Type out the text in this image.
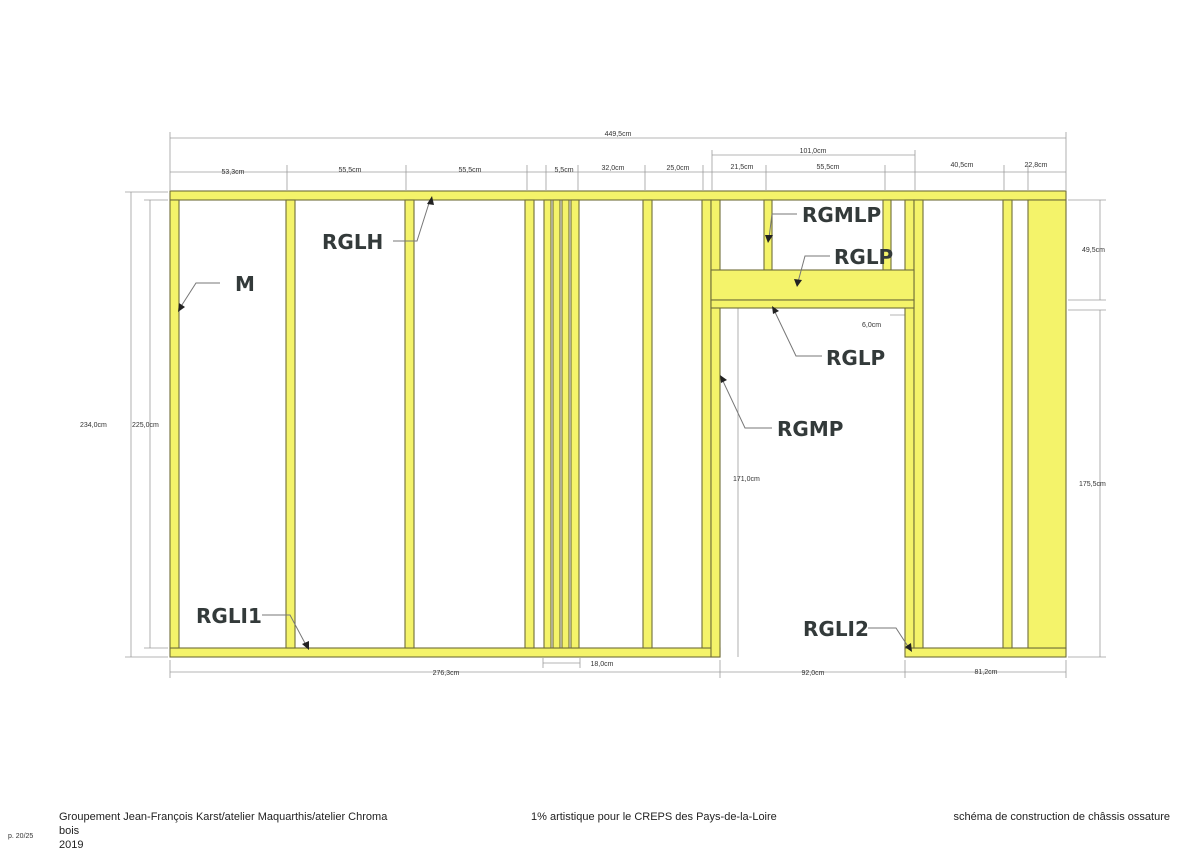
449,5cm
101,0cm
53,3cm	55,5cm	55,5cm	5,5cm	32,0cm	25,0cm	21,5cm	55,5cm	40,5cm	22,8cm
234,0cm	225,0cm
171,0cm
49,5cm
175,5cm
6,0cm
276,3cm
18,0cm
92,0cm	81,2cm
M
RGLH
RGMLP
RGLP
RGLP
RGMP
RGLI1
RGLI2
p. 20/25
Groupement Jean-François Karst/atelier Maquarthis/atelier Chroma
bois
2019
1% artistique pour le CREPS des Pays-de-la-Loire	schéma de construction de châssis ossature
